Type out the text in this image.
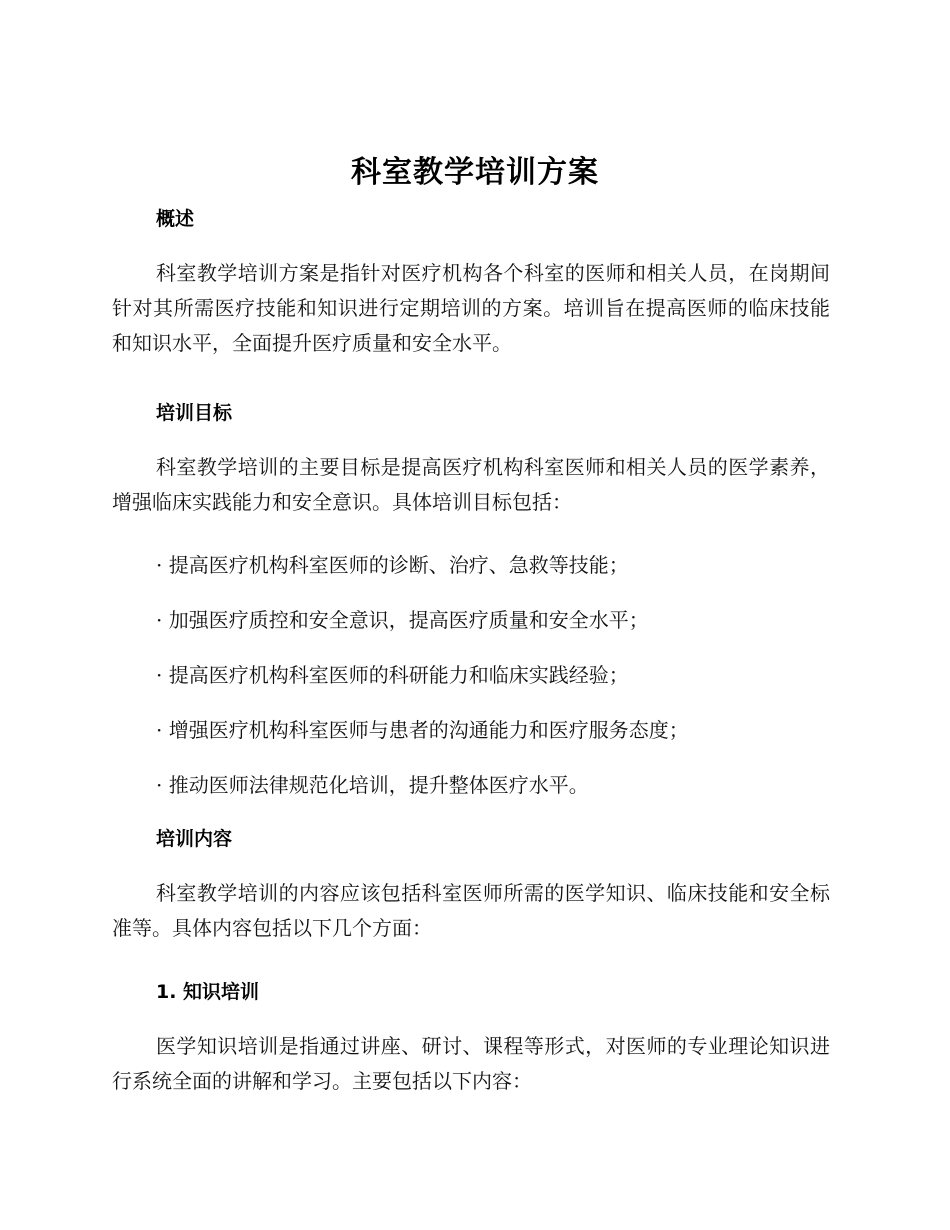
科室教学培训方案
概述

科室教学培训方案是指针对医疗机构各个科室的医师和相关人员，在岗期间针对其所需医疗技能和知识进行定期培训的方案。培训旨在提高医师的临床技能和知识水平，全面提升医疗质量和安全水平。

培训目标

科室教学培训的主要目标是提高医疗机构科室医师和相关人员的医学素养，增强临床实践能力和安全意识。具体培训目标包括：

· 提高医疗机构科室医师的诊断、治疗、急救等技能；
· 加强医疗质控和安全意识，提高医疗质量和安全水平；
· 提高医疗机构科室医师的科研能力和临床实践经验；
· 增强医疗机构科室医师与患者的沟通能力和医疗服务态度；
· 推动医师法律规范化培训，提升整体医疗水平。
培训内容

科室教学培训的内容应该包括科室医师所需的医学知识、临床技能和安全标准等。具体内容包括以下几个方面：

1. 知识培训

医学知识培训是指通过讲座、研讨、课程等形式，对医师的专业理论知识进行系统全面的讲解和学习。主要包括以下内容：
